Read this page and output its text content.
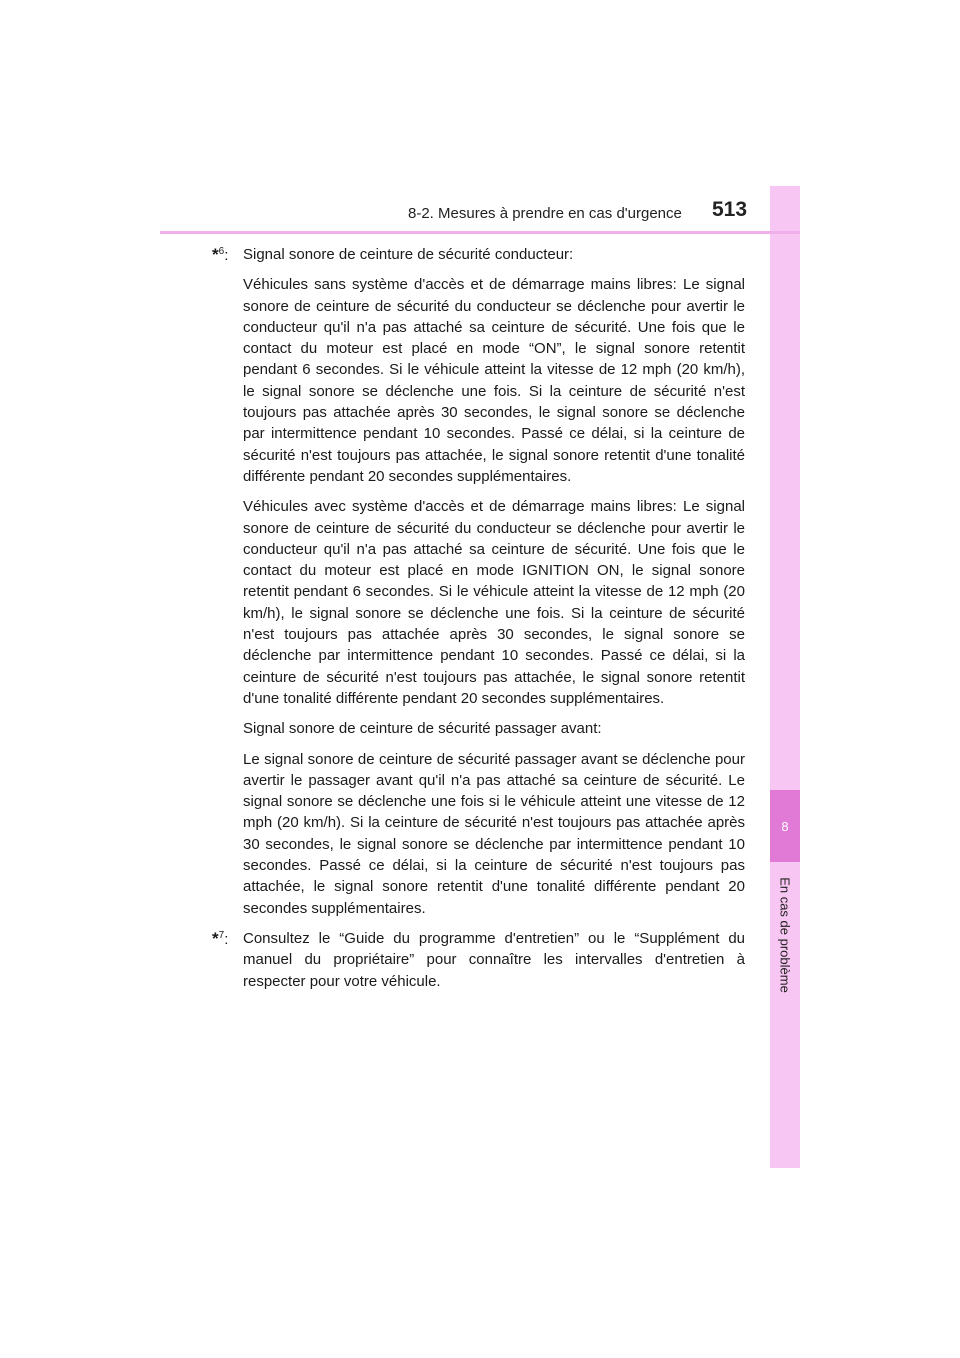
8
En cas de problème
8-2. Mesures à prendre en cas d'urgence 513
*$^6$: Signal sonore de ceinture de sécurité conducteur:

Véhicules sans système d'accès et de démarrage mains libres: Le signal sonore de ceinture de sécurité du conducteur se déclenche pour avertir le conducteur qu'il n'a pas attaché sa ceinture de sécurité. Une fois que le contact du moteur est placé en mode “ON”, le signal sonore retentit pendant 6 secondes. Si le véhicule atteint la vitesse de 12 mph (20 km/h), le signal sonore se déclenche une fois. Si la ceinture de sécurité n'est toujours pas attachée après 30 secondes, le signal sonore se déclenche par intermittence pendant 10 secondes. Passé ce délai, si la ceinture de sécurité n'est toujours pas attachée, le signal sonore retentit d'une tonalité différente pendant 20 secondes supplémentaires.

Véhicules avec système d'accès et de démarrage mains libres: Le signal sonore de ceinture de sécurité du conducteur se déclenche pour avertir le conducteur qu'il n'a pas attaché sa ceinture de sécurité. Une fois que le contact du moteur est placé en mode IGNITION ON, le signal sonore retentit pendant 6 secondes. Si le véhicule atteint la vitesse de 12 mph (20 km/h), le signal sonore se déclenche une fois. Si la ceinture de sécurité n'est toujours pas attachée après 30 secondes, le signal sonore se déclenche par intermittence pendant 10 secondes. Passé ce délai, si la ceinture de sécurité n'est toujours pas attachée, le signal sonore retentit d'une tonalité différente pendant 20 secondes supplémentaires.

Signal sonore de ceinture de sécurité passager avant:

Le signal sonore de ceinture de sécurité passager avant se déclenche pour avertir le passager avant qu'il n'a pas attaché sa ceinture de sécurité. Le signal sonore se déclenche une fois si le véhicule atteint une vitesse de 12 mph (20 km/h). Si la ceinture de sécurité n'est toujours pas attachée après 30 secondes, le signal sonore se déclenche par intermittence pendant 10 secondes. Passé ce délai, si la ceinture de sécurité n'est toujours pas attachée, le signal sonore retentit d'une tonalité différente pendant 20 secondes supplémentaires.

*$^7$: Consultez le “Guide du programme d'entretien” ou le “Supplément du manuel du propriétaire” pour connaître les intervalles d'entretien à respecter pour votre véhicule.
